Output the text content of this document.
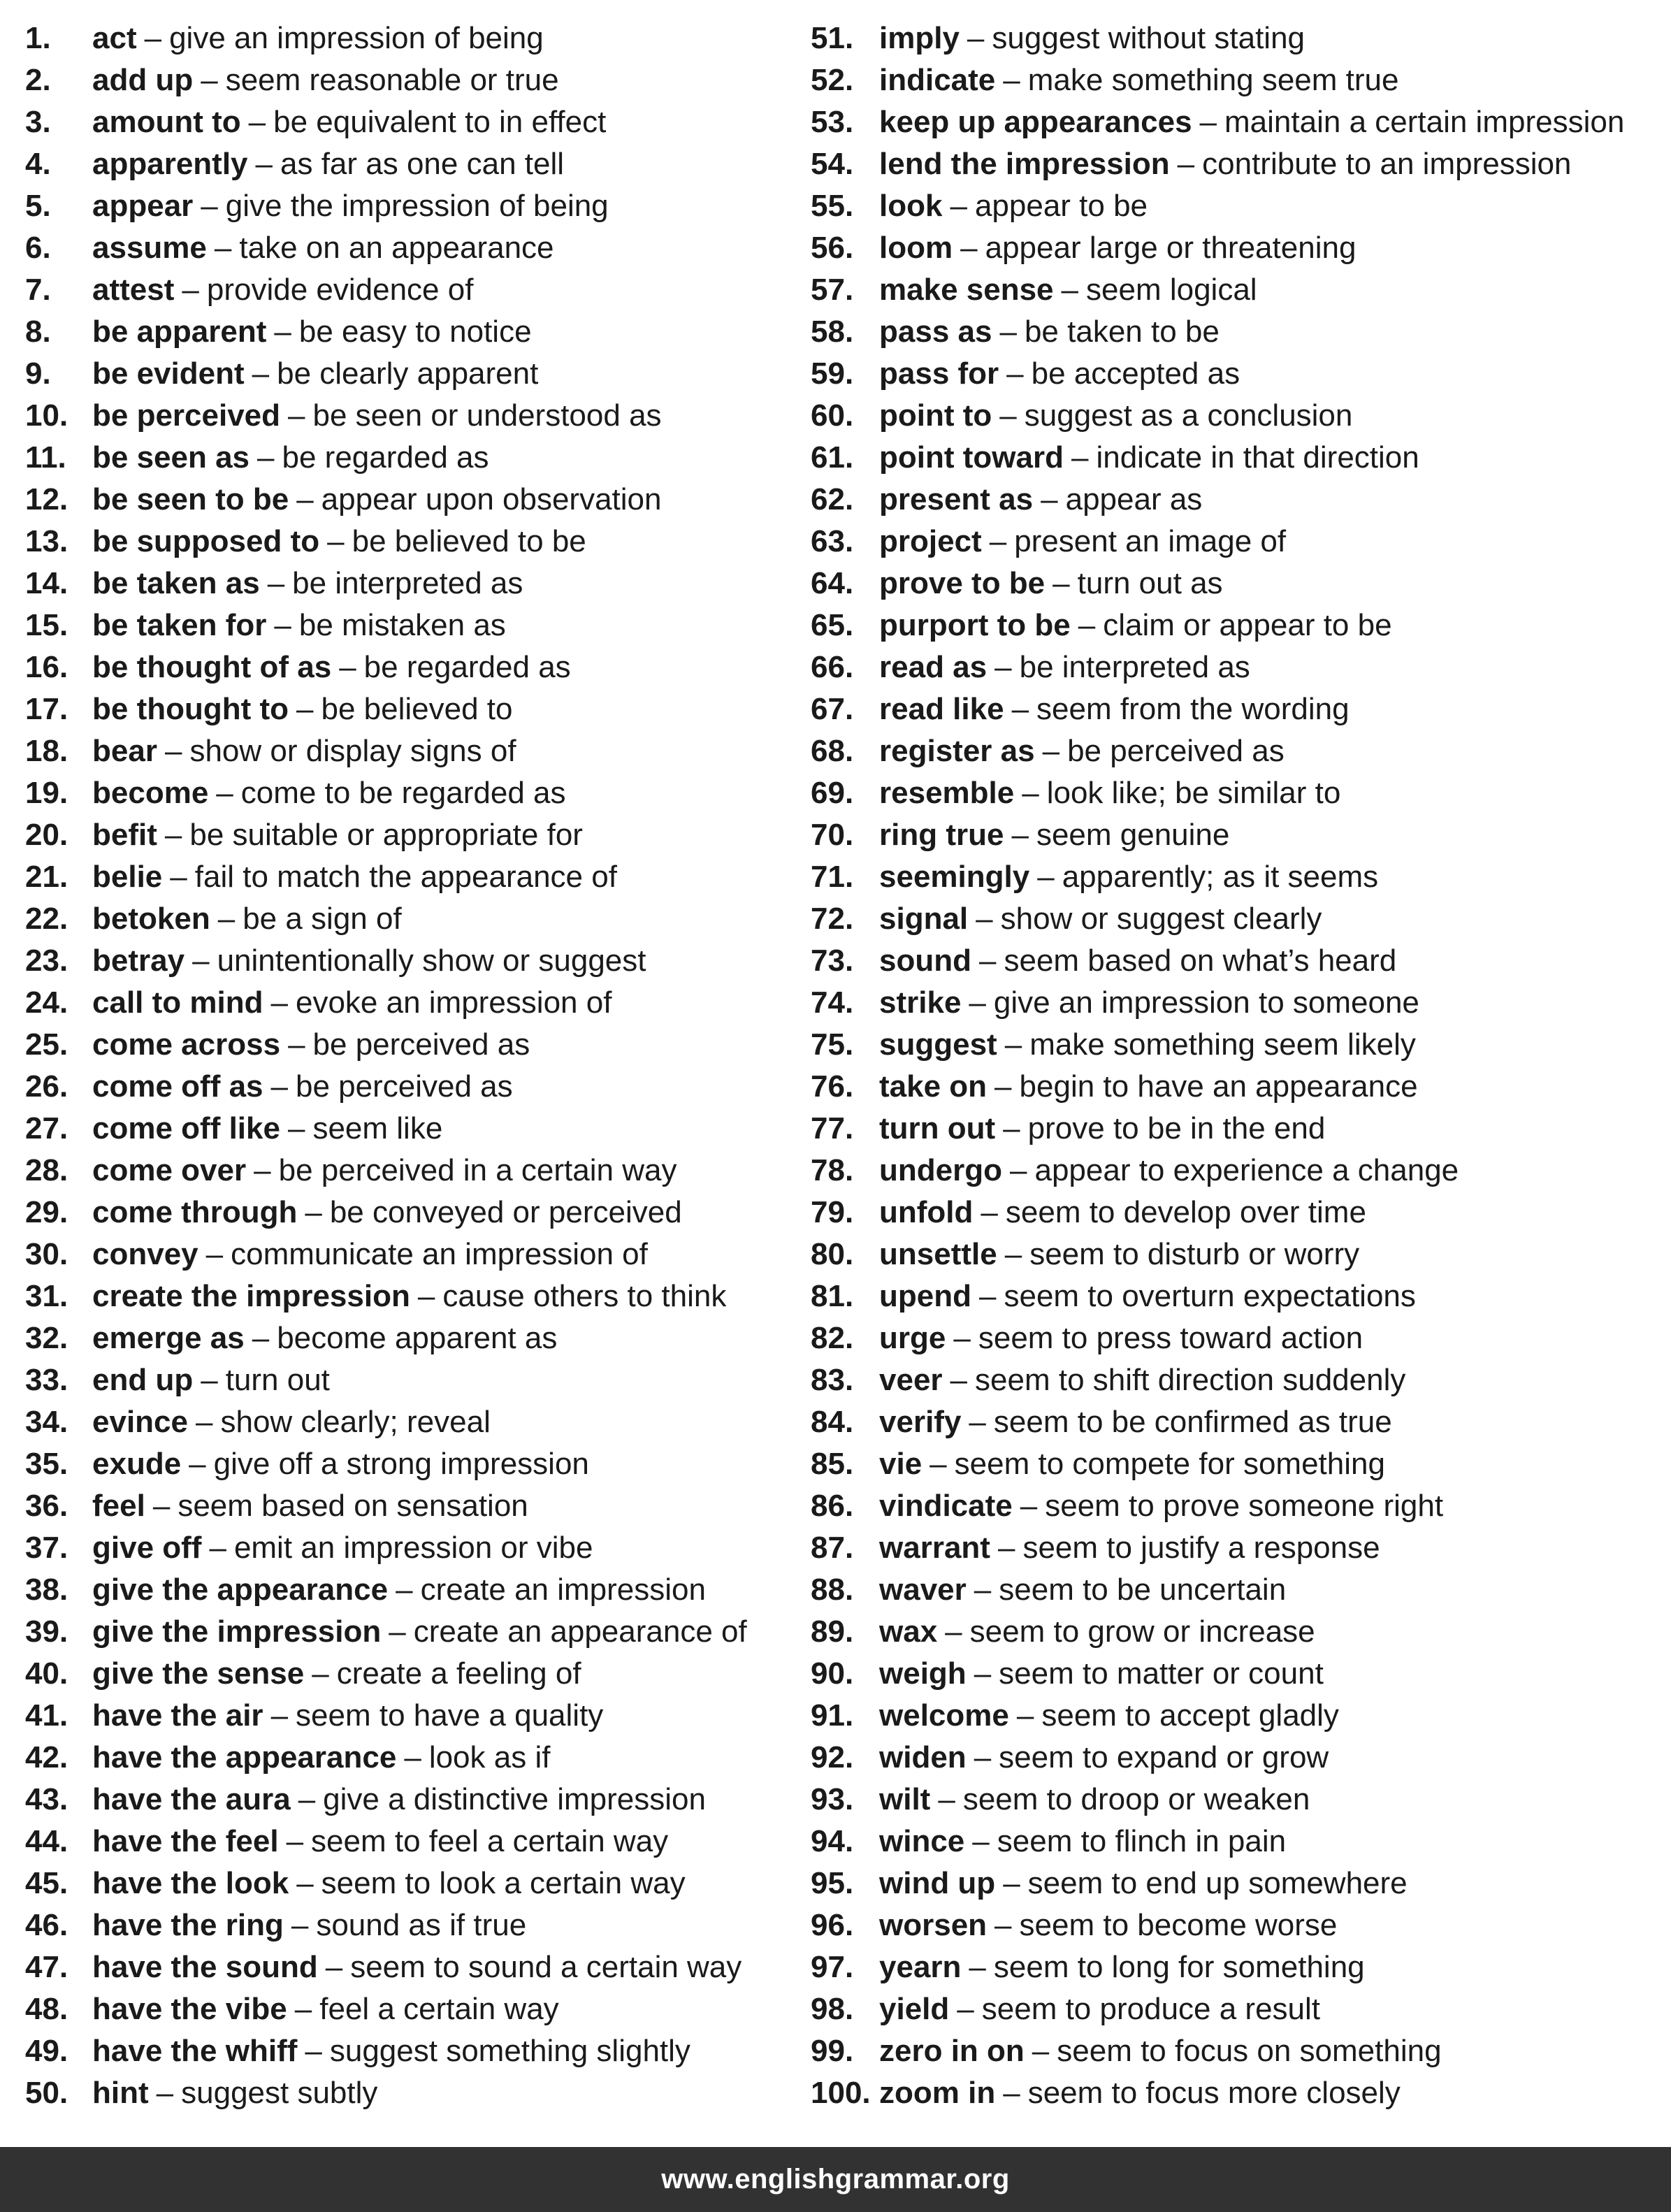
1.	act – give an impression of being
2.	add up – seem reasonable or true
3.	amount to – be equivalent to in effect
4.	apparently – as far as one can tell
5.	appear – give the impression of being
6.	assume – take on an appearance
7.	attest – provide evidence of
8.	be apparent – be easy to notice
9.	be evident – be clearly apparent
10. be perceived – be seen or understood as
11. be seen as – be regarded as
12. be seen to be – appear upon observation
13. be supposed to – be believed to be
14. be taken as – be interpreted as
15. be taken for – be mistaken as
16. be thought of as – be regarded as
17. be thought to – be believed to
18. bear – show or display signs of
19. become – come to be regarded as
20. befit – be suitable or appropriate for
21. belie – fail to match the appearance of
22. betoken – be a sign of
23. betray – unintentionally show or suggest
24. call to mind – evoke an impression of
25. come across – be perceived as
26. come off as – be perceived as
27. come off like – seem like
28. come over – be perceived in a certain way
29. come through – be conveyed or perceived
30. convey – communicate an impression of
31. create the impression – cause others to think
32. emerge as – become apparent as
33. end up – turn out
34. evince – show clearly; reveal
35. exude – give off a strong impression
36. feel – seem based on sensation
37. give off – emit an impression or vibe
38. give the appearance – create an impression
39. give the impression – create an appearance of
40. give the sense – create a feeling of
41. have the air – seem to have a quality
42. have the appearance – look as if
43. have the aura – give a distinctive impression
44. have the feel – seem to feel a certain way
45. have the look – seem to look a certain way
46. have the ring – sound as if true
47. have the sound – seem to sound a certain way
48. have the vibe – feel a certain way
49. have the whiff – suggest something slightly
50. hint – suggest subtly
51. imply – suggest without stating
52. indicate – make something seem true
53. keep up appearances – maintain a certain impression
54. lend the impression – contribute to an impression
55. look – appear to be
56. loom – appear large or threatening
57. make sense – seem logical
58. pass as – be taken to be
59. pass for – be accepted as
60. point to – suggest as a conclusion
61. point toward – indicate in that direction
62. present as – appear as
63. project – present an image of
64. prove to be – turn out as
65. purport to be – claim or appear to be
66. read as – be interpreted as
67. read like – seem from the wording
68. register as – be perceived as
69. resemble – look like; be similar to
70. ring true – seem genuine
71. seemingly – apparently; as it seems
72. signal – show or suggest clearly
73. sound – seem based on what’s heard
74. strike – give an impression to someone
75. suggest – make something seem likely
76. take on – begin to have an appearance
77. turn out – prove to be in the end
78. undergo – appear to experience a change
79. unfold – seem to develop over time
80. unsettle – seem to disturb or worry
81. upend – seem to overturn expectations
82. urge – seem to press toward action
83. veer – seem to shift direction suddenly
84. verify – seem to be confirmed as true
85. vie – seem to compete for something
86. vindicate – seem to prove someone right
87. warrant – seem to justify a response
88. waver – seem to be uncertain
89. wax – seem to grow or increase
90. weigh – seem to matter or count
91. welcome – seem to accept gladly
92. widen – seem to expand or grow
93. wilt – seem to droop or weaken
94. wince – seem to flinch in pain
95. wind up – seem to end up somewhere
96. worsen – seem to become worse
97. yearn – seem to long for something
98. yield – seem to produce a result
99. zero in on – seem to focus on something
100. zoom in – seem to focus more closely
www.englishgrammar.org
